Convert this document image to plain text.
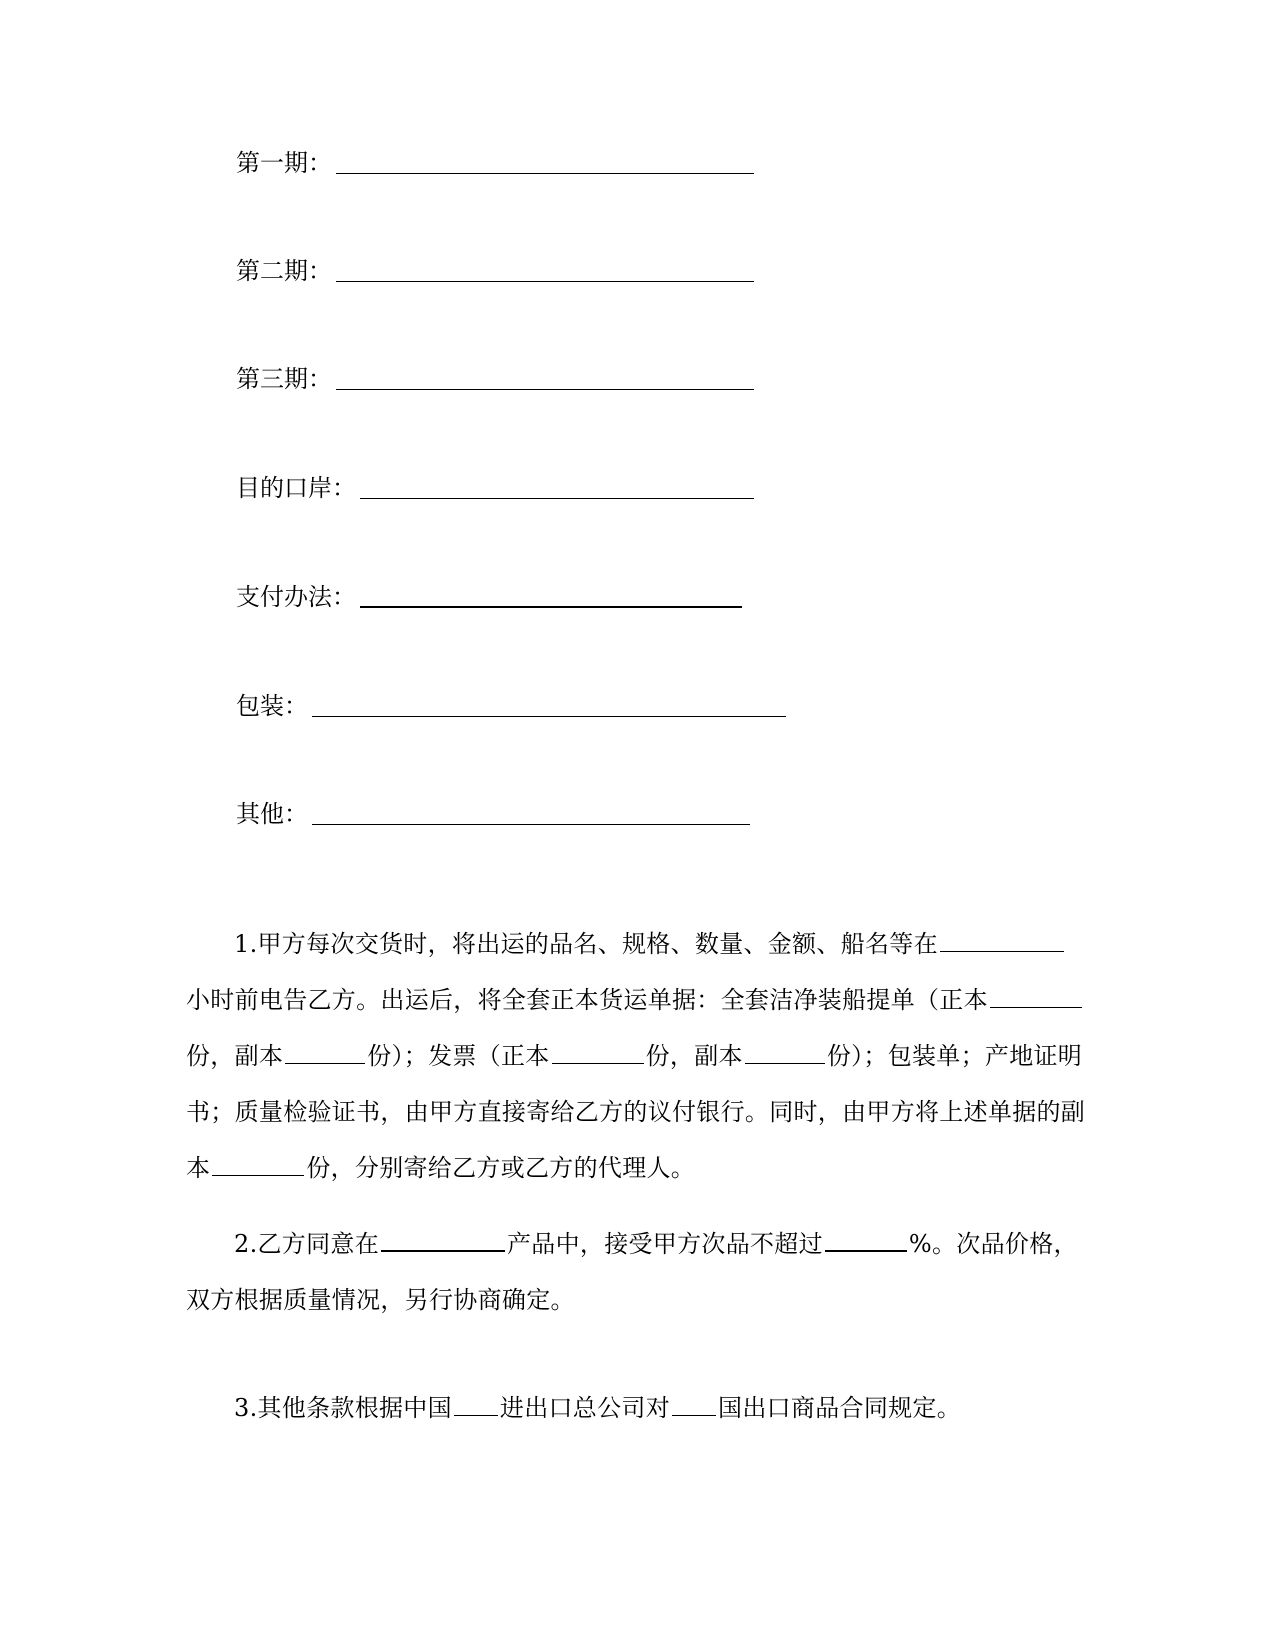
第一期：
第二期：
第三期：
目的口岸：
支付办法：
包装：
其他：
1.甲方每次交货时，将出运的品名、规格、数量、金额、船名等在小时前电告乙方。出运后，将全套正本货运单据：全套洁净装船提单（正本份，副本	份）；发票（正本	份，副本	份）；包装单；产地证明书；质量检验证书，由甲方直接寄给乙方的议付银行。同时，由甲方将上述单据的副本	份，分别寄给乙方或乙方的代理人。
2.乙方同意在	产品中，接受甲方次品不超过	%。次品价格，双方根据质量情况，另行协商确定。
3.其他条款根据中国 进出口总公司对 国出口商品合同规定。
